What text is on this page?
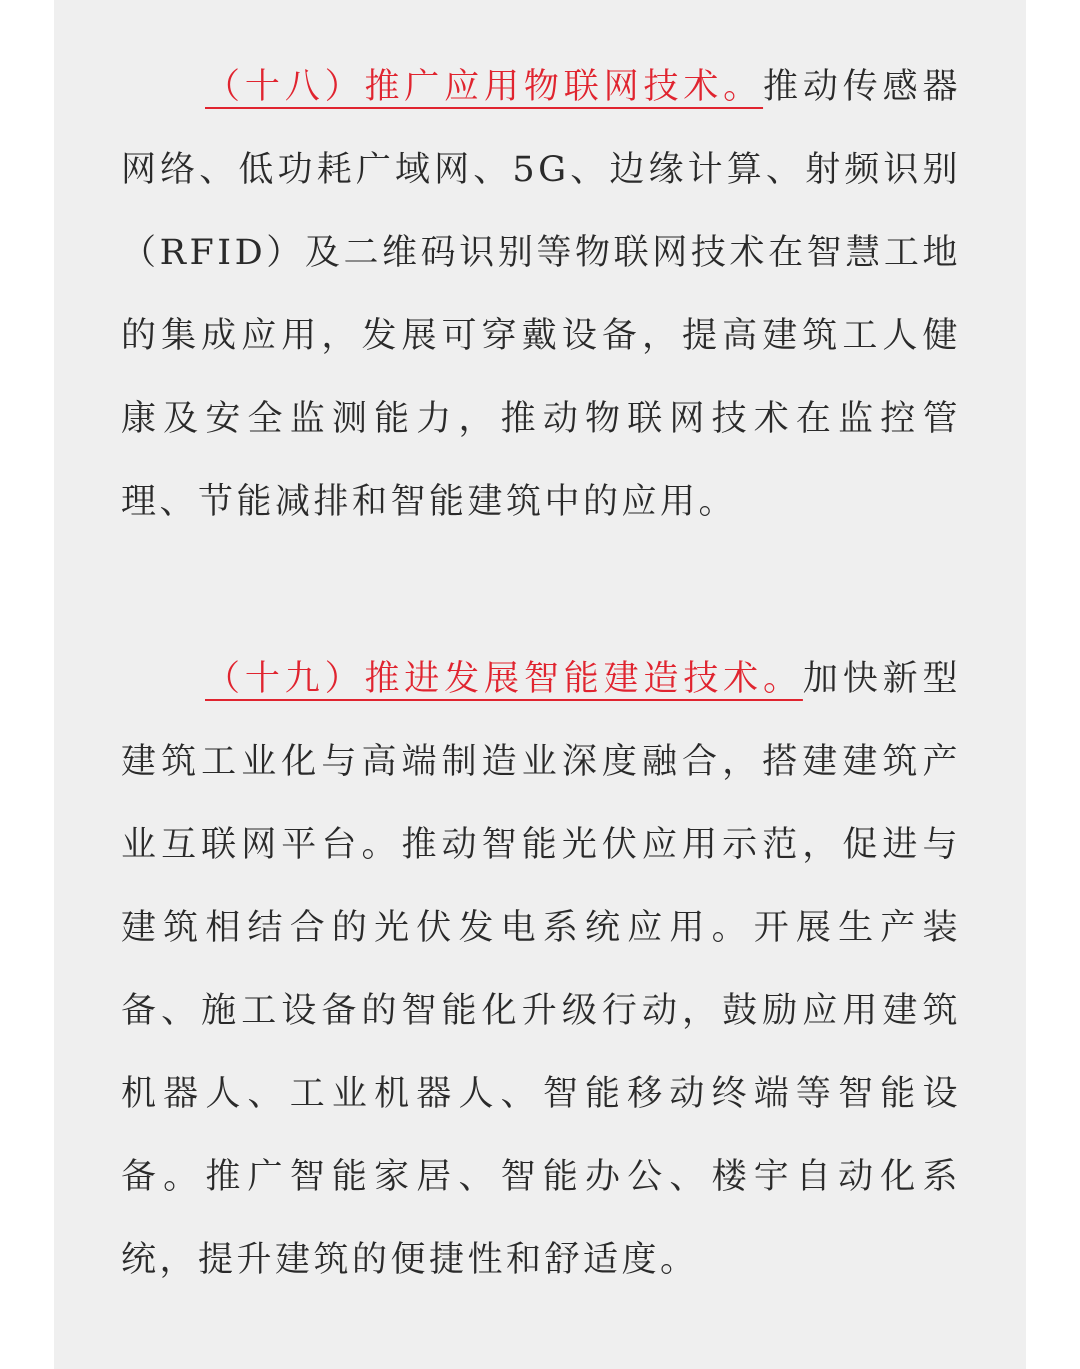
（十八）推广应用物联网技术。推动传感器网络、低功耗广域网、5G、边缘计算、射频识别（RFID）及二维码识别等物联网技术在智慧工地的集成应用，发展可穿戴设备，提高建筑工人健康及安全监测能力，推动物联网技术在监控管理、节能减排和智能建筑中的应用。

（十九）推进发展智能建造技术。加快新型建筑工业化与高端制造业深度融合，搭建建筑产业互联网平台。推动智能光伏应用示范，促进与建筑相结合的光伏发电系统应用。开展生产装备、施工设备的智能化升级行动，鼓励应用建筑机器人、工业机器人、智能移动终端等智能设备。推广智能家居、智能办公、楼宇自动化系统，提升建筑的便捷性和舒适度。
